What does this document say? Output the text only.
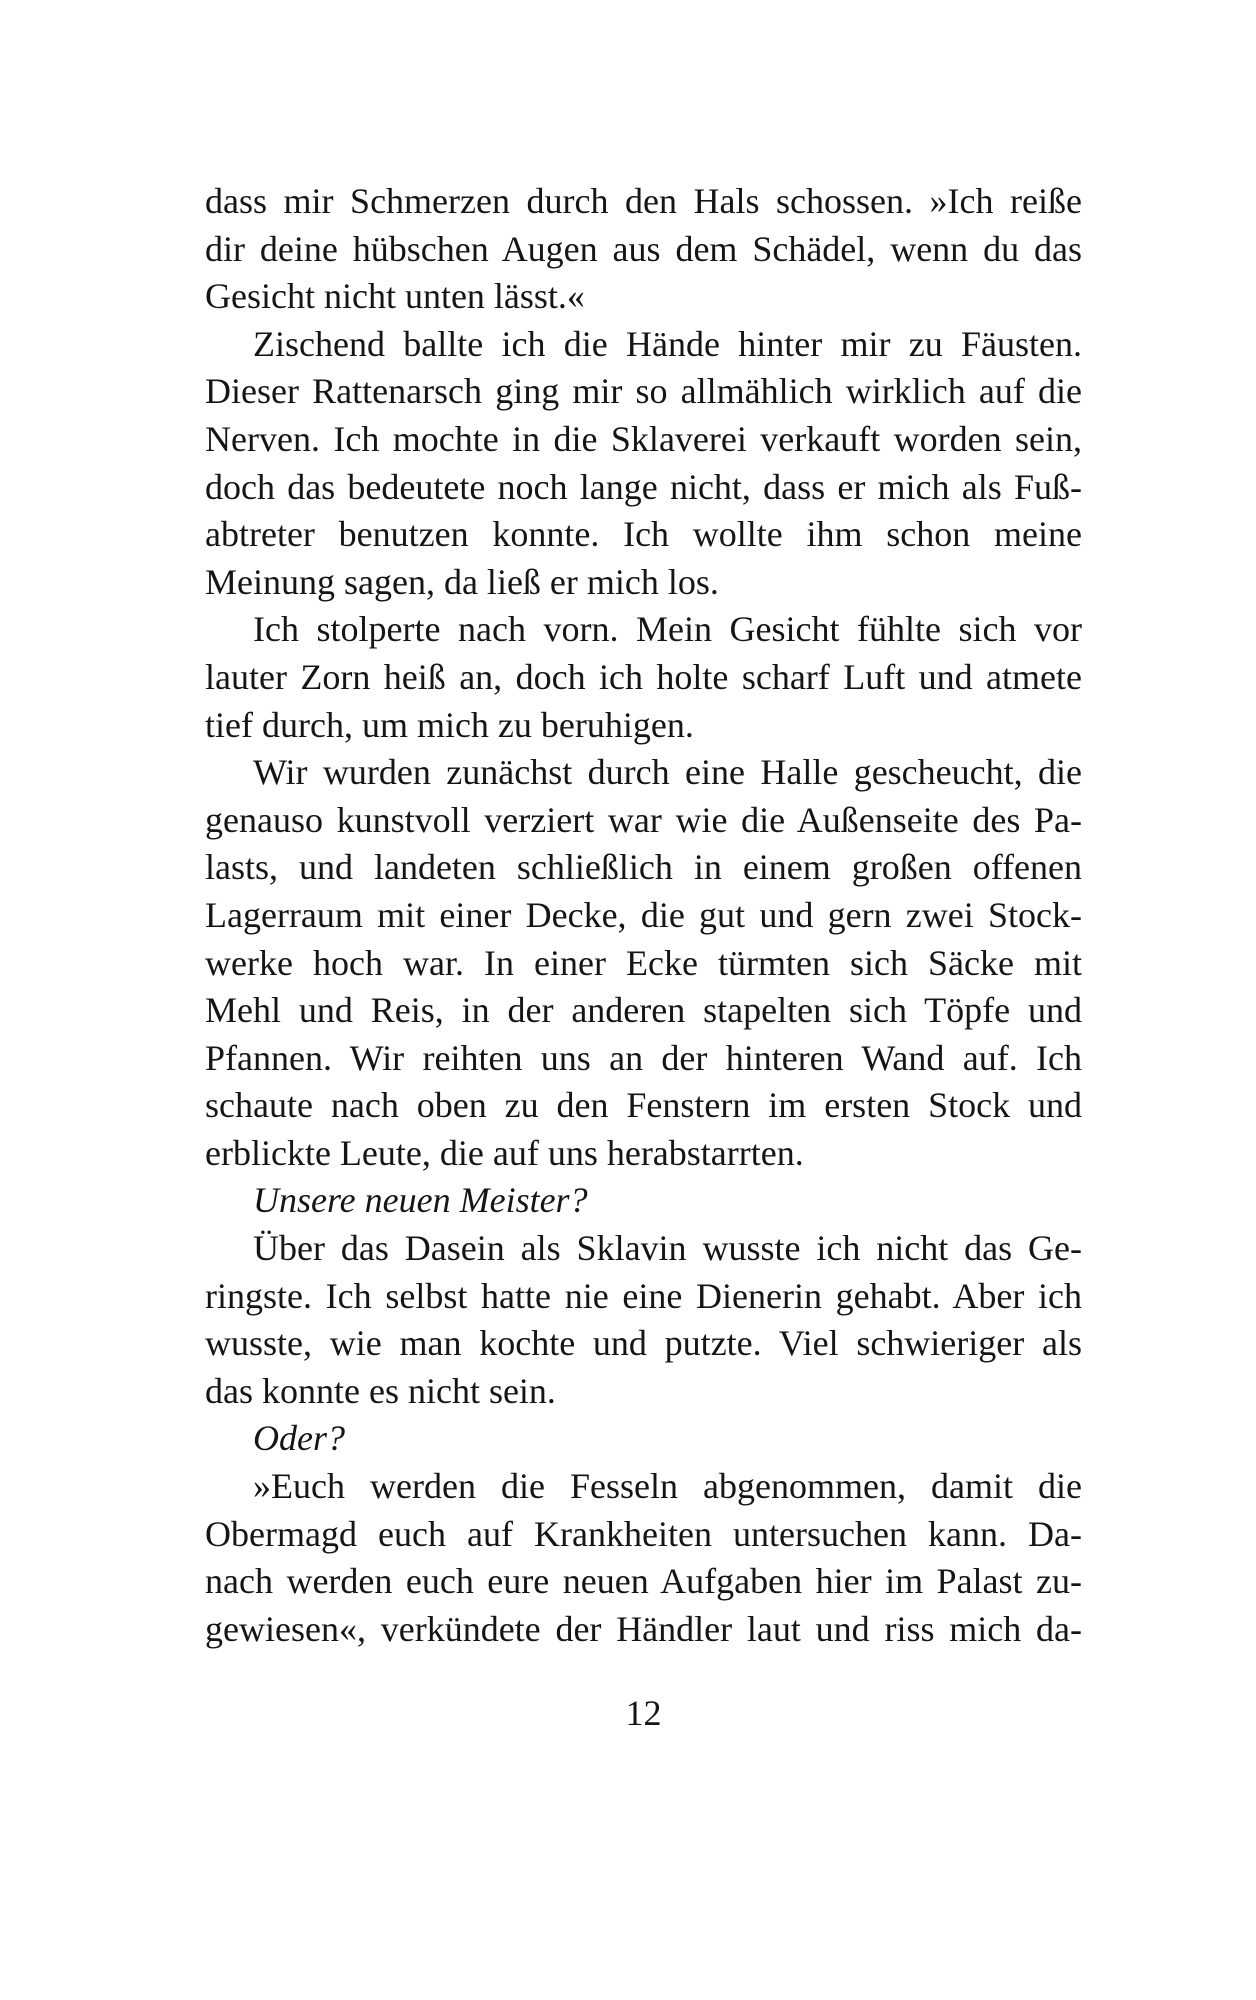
dass mir Schmerzen durch den Hals schossen. »Ich reiße
dir deine hübschen Augen aus dem Schädel, wenn du das
Gesicht nicht unten lässt.«
Zischend ballte ich die Hände hinter mir zu Fäusten.
Dieser Rattenarsch ging mir so allmählich wirklich auf die
Nerven. Ich mochte in die Sklaverei verkauft worden sein,
doch das bedeutete noch lange nicht, dass er mich als Fuß-
abtreter benutzen konnte. Ich wollte ihm schon meine
Meinung sagen, da ließ er mich los.
Ich stolperte nach vorn. Mein Gesicht fühlte sich vor
lauter Zorn heiß an, doch ich holte scharf Luft und atmete
tief durch, um mich zu beruhigen.
Wir wurden zunächst durch eine Halle gescheucht, die
genauso kunstvoll verziert war wie die Außenseite des Pa-
lasts, und landeten schließlich in einem großen offenen
Lagerraum mit einer Decke, die gut und gern zwei Stock-
werke hoch war. In einer Ecke türmten sich Säcke mit
Mehl und Reis, in der anderen stapelten sich Töpfe und
Pfannen. Wir reihten uns an der hinteren Wand auf. Ich
schaute nach oben zu den Fenstern im ersten Stock und
erblickte Leute, die auf uns herabstarrten.
Unsere neuen Meister?
Über das Dasein als Sklavin wusste ich nicht das Ge-
ringste. Ich selbst hatte nie eine Dienerin gehabt. Aber ich
wusste, wie man kochte und putzte. Viel schwieriger als
das konnte es nicht sein.
Oder?
»Euch werden die Fesseln abgenommen, damit die
Obermagd euch auf Krankheiten untersuchen kann. Da-
nach werden euch eure neuen Aufgaben hier im Palast zu-
gewiesen«, verkündete der Händler laut und riss mich da-
12
